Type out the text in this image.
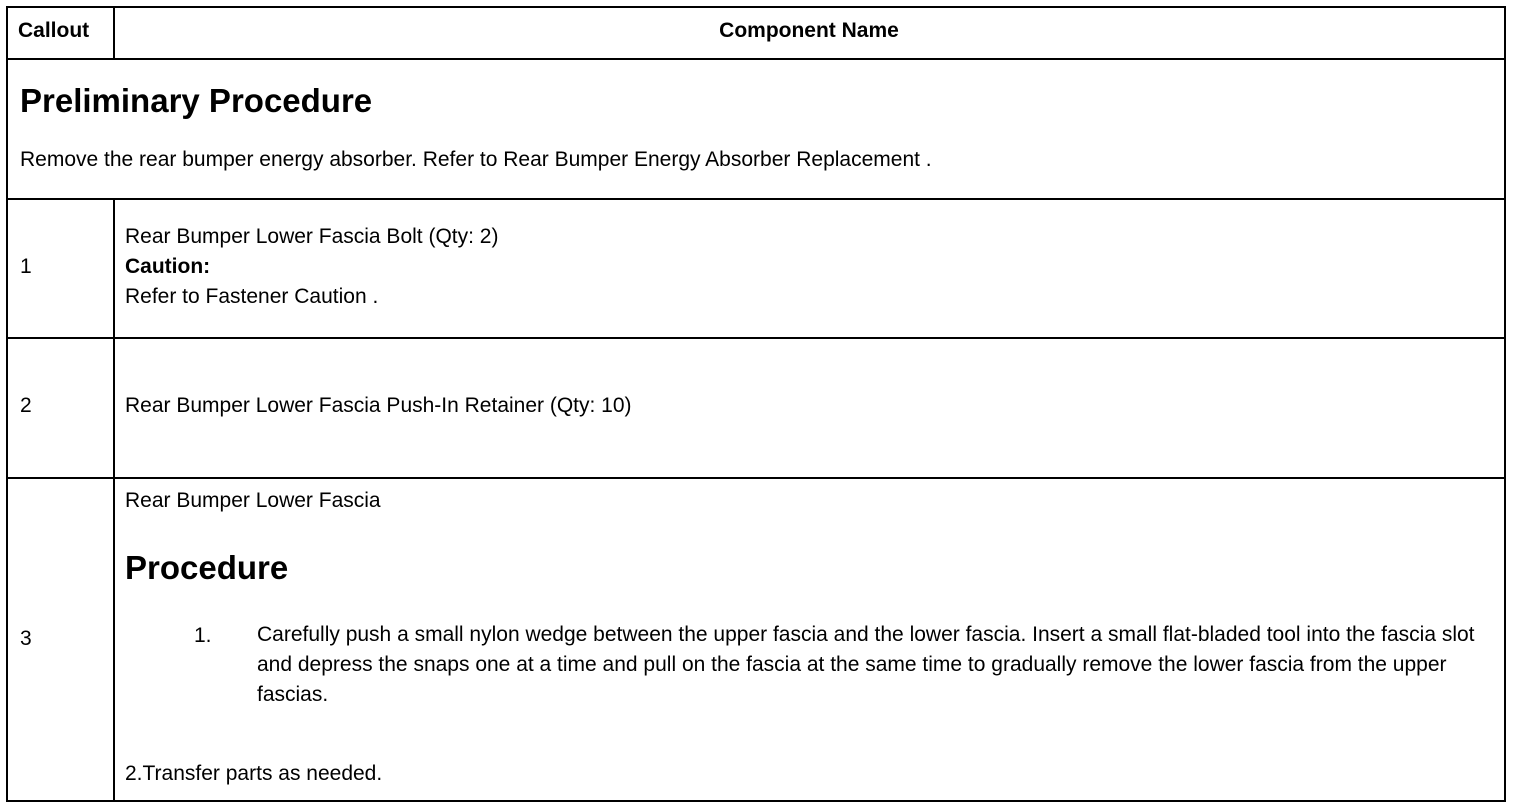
Callout	Component Name
Preliminary Procedure
Remove the rear bumper energy absorber. Refer to Rear Bumper Energy Absorber Replacement .
1
Rear Bumper Lower Fascia Bolt (Qty: 2)
Caution:
Refer to Fastener Caution .
2	Rear Bumper Lower Fascia Push-In Retainer (Qty: 10)
3
Rear Bumper Lower Fascia
Procedure
1. Carefully push a small nylon wedge between the upper fascia and the lower fascia. Insert a small flat-bladed tool into the fascia slot and depress the snaps one at a time and pull on the fascia at the same time to gradually remove the lower fascia from the upper fascias.
2.Transfer parts as needed.
